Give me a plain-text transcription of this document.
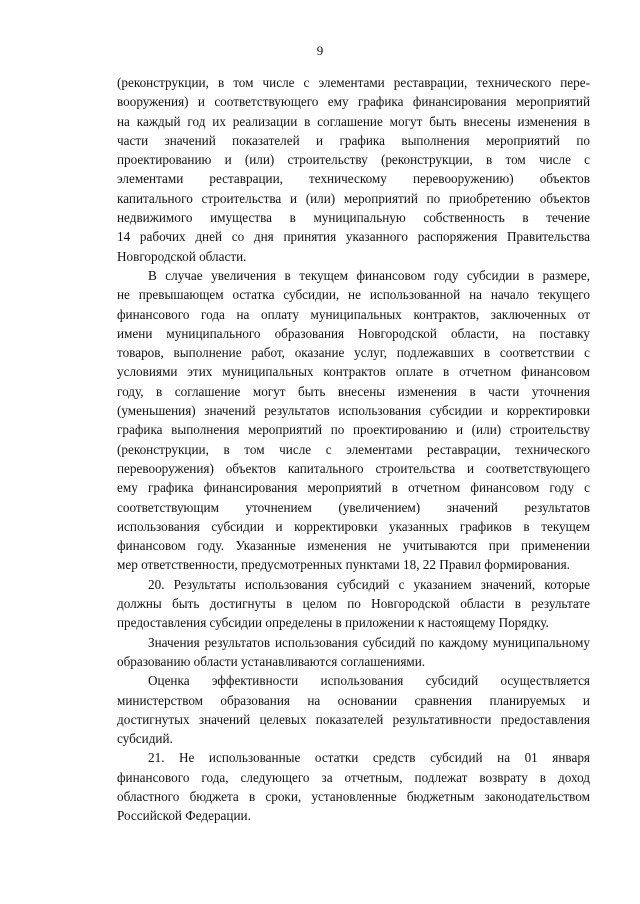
9
(реконструкции, в том числе с элементами реставрации, технического пере-
вооружения) и соответствующего ему графика финансирования мероприятий
на каждый год их реализации в соглашение могут быть внесены изменения в
части значений показателей и графика выполнения мероприятий по
проектированию и (или) строительству (реконструкции, в том числе с
элементами реставрации, техническому перевооружению) объектов
капитального строительства и (или) мероприятий по приобретению объектов
недвижимого имущества в муниципальную собственность в течение
14 рабочих дней со дня принятия указанного распоряжения Правительства
Новгородской области.
В случае увеличения в текущем финансовом году субсидии в размере,
не превышающем остатка субсидии, не использованной на начало текущего
финансового года на оплату муниципальных контрактов, заключенных от
имени муниципального образования Новгородской области, на поставку
товаров, выполнение работ, оказание услуг, подлежавших в соответствии с
условиями этих муниципальных контрактов оплате в отчетном финансовом
году, в соглашение могут быть внесены изменения в части уточнения
(уменьшения) значений результатов использования субсидии и корректировки
графика выполнения мероприятий по проектированию и (или) строительству
(реконструкции, в том числе с элементами реставрации, технического
перевооружения) объектов капитального строительства и соответствующего
ему графика финансирования мероприятий в отчетном финансовом году с
соответствующим уточнением (увеличением) значений результатов
использования субсидии и корректировки указанных графиков в текущем
финансовом году. Указанные изменения не учитываются при применении
мер ответственности, предусмотренных пунктами 18, 22 Правил формирования.
20. Результаты использования субсидий с указанием значений, которые
должны быть достигнуты в целом по Новгородской области в результате
предоставления субсидии определены в приложении к настоящему Порядку.
Значения результатов использования субсидий по каждому муниципальному
образованию области устанавливаются соглашениями.
Оценка эффективности использования субсидий осуществляется
министерством образования на основании сравнения планируемых и
достигнутых значений целевых показателей результативности предоставления
субсидий.
21. Не использованные остатки средств субсидий на 01 января
финансового года, следующего за отчетным, подлежат возврату в доход
областного бюджета в сроки, установленные бюджетным законодательством
Российской Федерации.
